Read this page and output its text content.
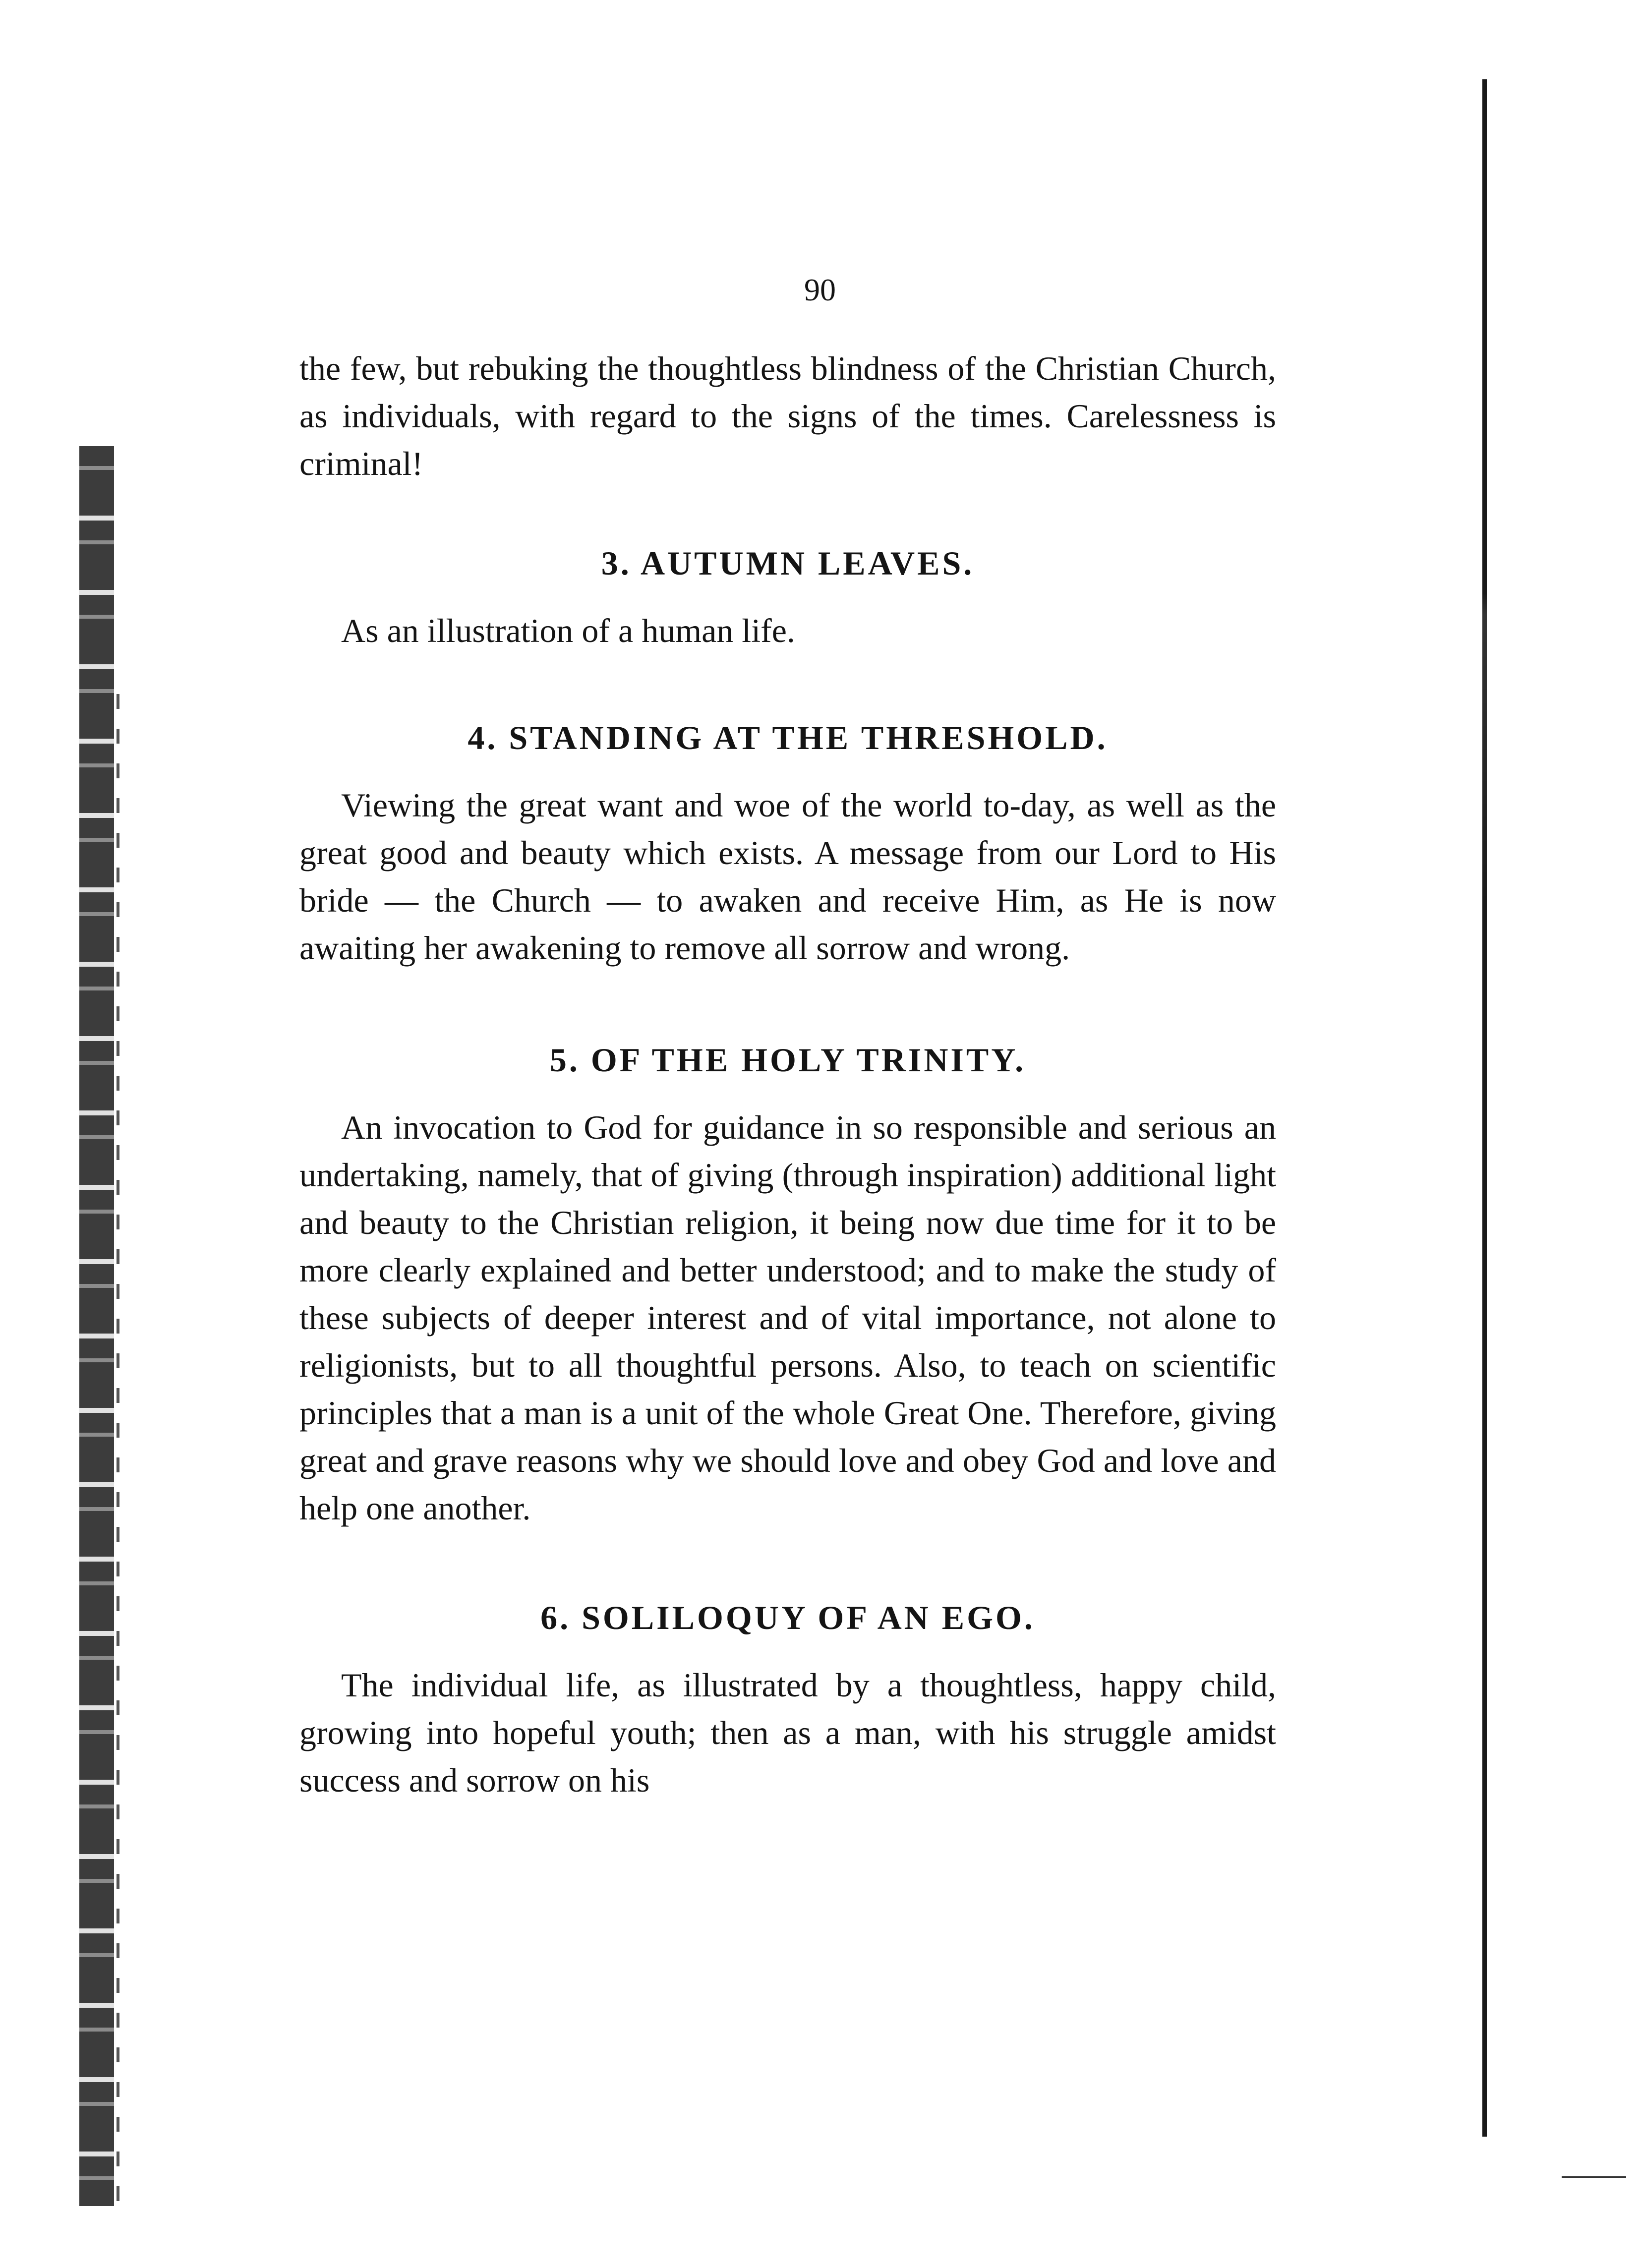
90

the few, but rebuking the thoughtless blindness of the Christian Church, as individuals, with regard to the signs of the times. Carelessness is criminal!

3. AUTUMN LEAVES.

As an illustration of a human life.

4. STANDING AT THE THRESHOLD.

Viewing the great want and woe of the world to-day, as well as the great good and beauty which exists. A message from our Lord to His bride — the Church — to awaken and receive Him, as He is now awaiting her awakening to remove all sorrow and wrong.

5. OF THE HOLY TRINITY.

An invocation to God for guidance in so responsible and serious an undertaking, namely, that of giving (through inspiration) additional light and beauty to the Christian religion, it being now due time for it to be more clearly explained and better understood; and to make the study of these subjects of deeper interest and of vital importance, not alone to religionists, but to all thoughtful persons. Also, to teach on scientific principles that a man is a unit of the whole Great One. Therefore, giving great and grave reasons why we should love and obey God and love and help one another.

6. SOLILOQUY OF AN EGO.

The individual life, as illustrated by a thoughtless, happy child, growing into hopeful youth; then as a man, with his struggle amidst success and sorrow on his
